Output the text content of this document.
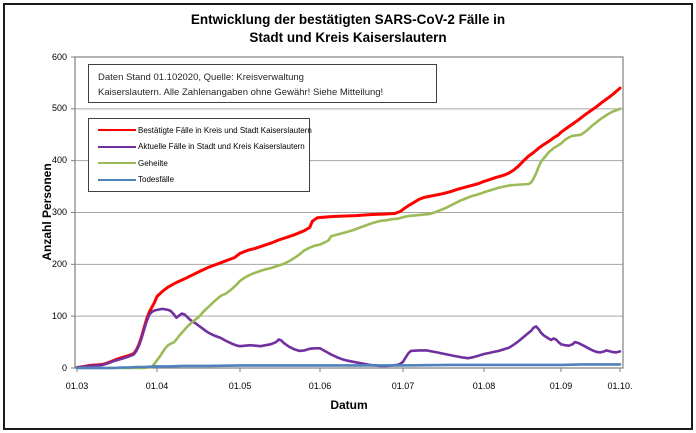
Entwicklung der bestätigten SARS-CoV-2 Fälle in
Stadt und Kreis Kaiserslautern
Anzahl Personen
Datum
0
100
200
300
400
500
600
01.03	01.04	01.05	01.06	01.07	01.08	01.09	01.10.
Daten Stand 01.102020, Quelle: Kreisverwaltung
Kaiserslautern. Alle Zahlenangaben ohne Gewähr! Siehe Mitteilung!
Bestätigte Fälle in Kreis und Stadt Kaiserslautern
Aktuelle Fälle in Stadt und Kreis Kaiserslautern
Geheilte
Todesfälle
